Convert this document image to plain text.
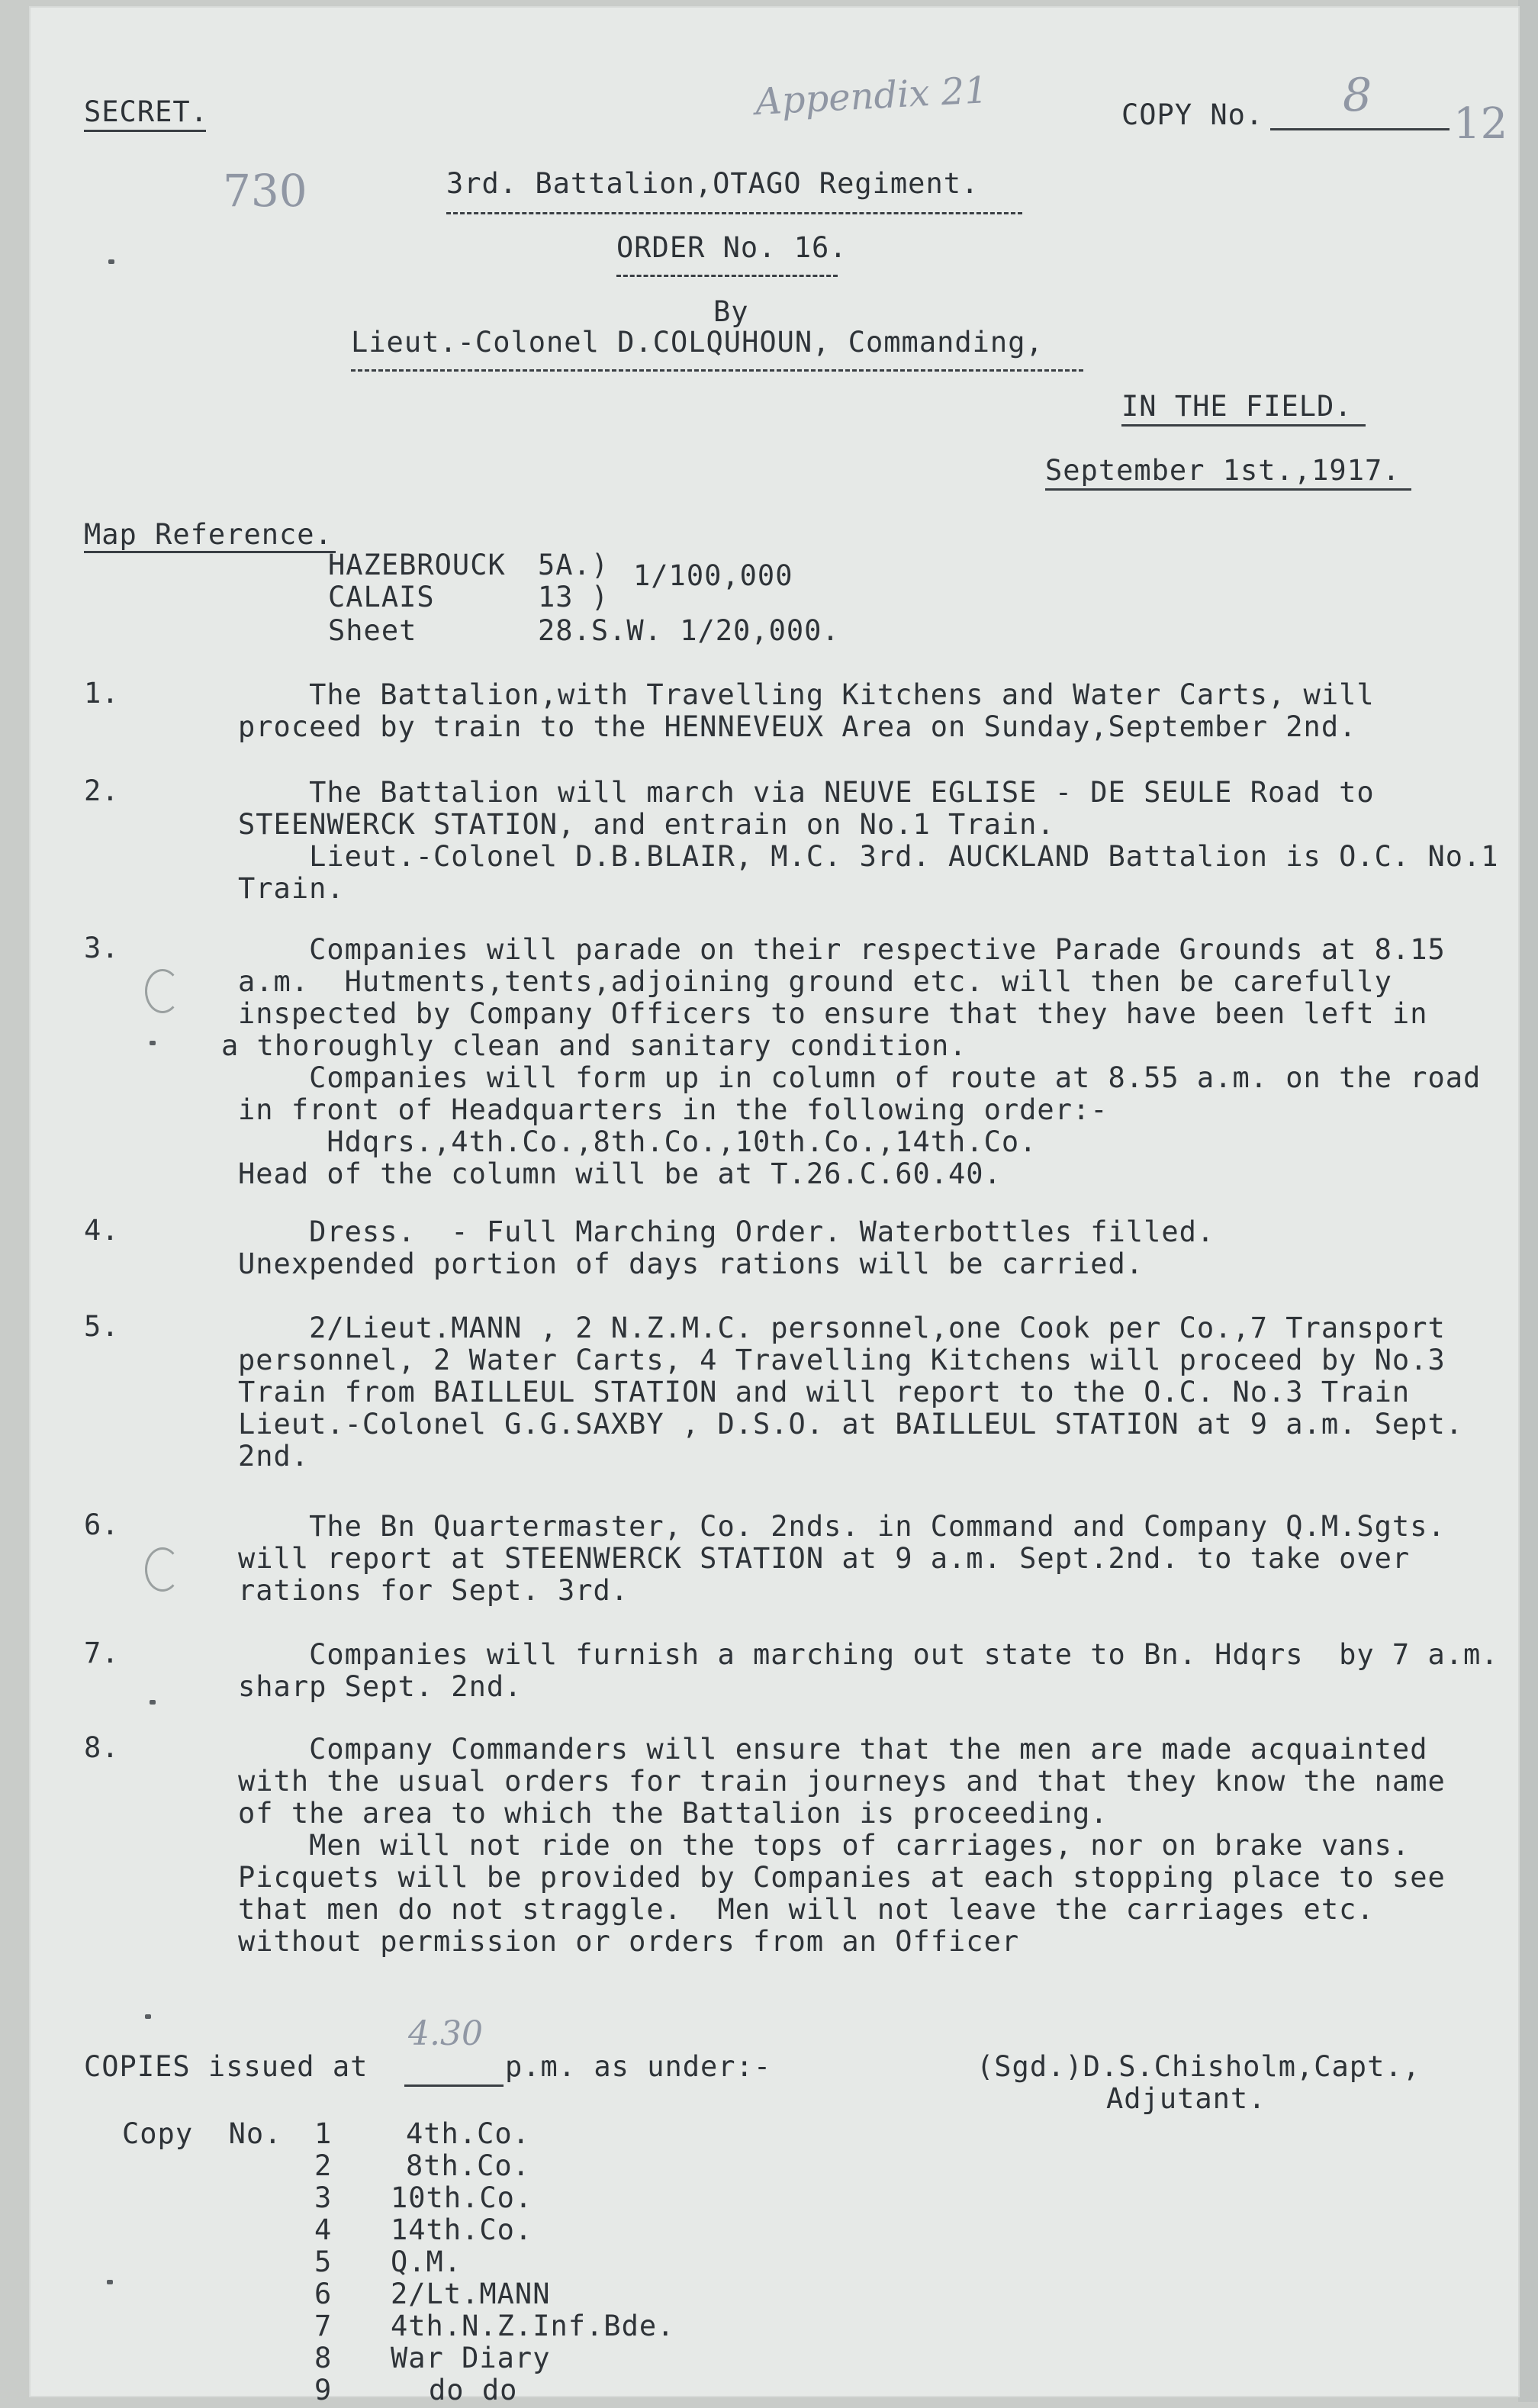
SECRET.	Appendix 21	COPY No. 8
12
730	3rd. Battalion,OTAGO Regiment.
ORDER No. 16.
By
Lieut.-Colonel D.COLQUHOUN, Commanding,
IN THE FIELD.
September 1st.,1917.
Map Reference.
HAZEBROUCK 5A.) 1/100,000
CALAIS	13 )
Sheet	28.S.W. 1/20,000.
1.
2.
3.
4.
5.
6.
7.
8.
The Battalion,with Travelling Kitchens and Water Carts, will
proceed by train to the HENNEVEUX Area on Sunday,September 2nd.
The Battalion will march via NEUVE EGLISE - DE SEULE Road to
STEENWERCK STATION, and entrain on No.1 Train.
Lieut.-Colonel D.B.BLAIR, M.C. 3rd. AUCKLAND Battalion is O.C. No.1
Train.
Companies will parade on their respective Parade Grounds at 8.15
a.m.  Hutments,tents,adjoining ground etc. will then be carefully
inspected by Company Officers to ensure that they have been left in
a thoroughly clean and sanitary condition.
Companies will form up in column of route at 8.55 a.m. on the road
in front of Headquarters in the following order:-
Hdqrs.,4th.Co.,8th.Co.,10th.Co.,14th.Co.
Head of the column will be at T.26.C.60.40.
Dress.  - Full Marching Order. Waterbottles filled.
Unexpended portion of days rations will be carried.
2/Lieut.MANN , 2 N.Z.M.C. personnel,one Cook per Co.,7 Transport
personnel, 2 Water Carts, 4 Travelling Kitchens will proceed by No.3
Train from BAILLEUL STATION and will report to the O.C. No.3 Train
Lieut.-Colonel G.G.SAXBY , D.S.O. at BAILLEUL STATION at 9 a.m. Sept.
2nd.
The Bn Quartermaster, Co. 2nds. in Command and Company Q.M.Sgts.
will report at STEENWERCK STATION at 9 a.m. Sept.2nd. to take over
rations for Sept. 3rd.
Companies will furnish a marching out state to Bn. Hdqrs  by 7 a.m.
sharp Sept. 2nd.
Company Commanders will ensure that the men are made acquainted
with the usual orders for train journeys and that they know the name
of the area to which the Battalion is proceeding.
Men will not ride on the tops of carriages, nor on brake vans.
Picquets will be provided by Companies at each stopping place to see
that men do not straggle.  Men will not leave the carriages etc.
without permission or orders from an Officer
COPIES issued at
4.30
p.m. as under:-	(Sgd.)D.S.Chisholm,Capt.,
Adjutant.
Copy  No. 1	4th.Co.
2	8th.Co.
3 10th.Co.
4 14th.Co.
5 Q.M.
6 2/Lt.MANN
7 4th.N.Z.Inf.Bde.
8 War Diary
9	do do
